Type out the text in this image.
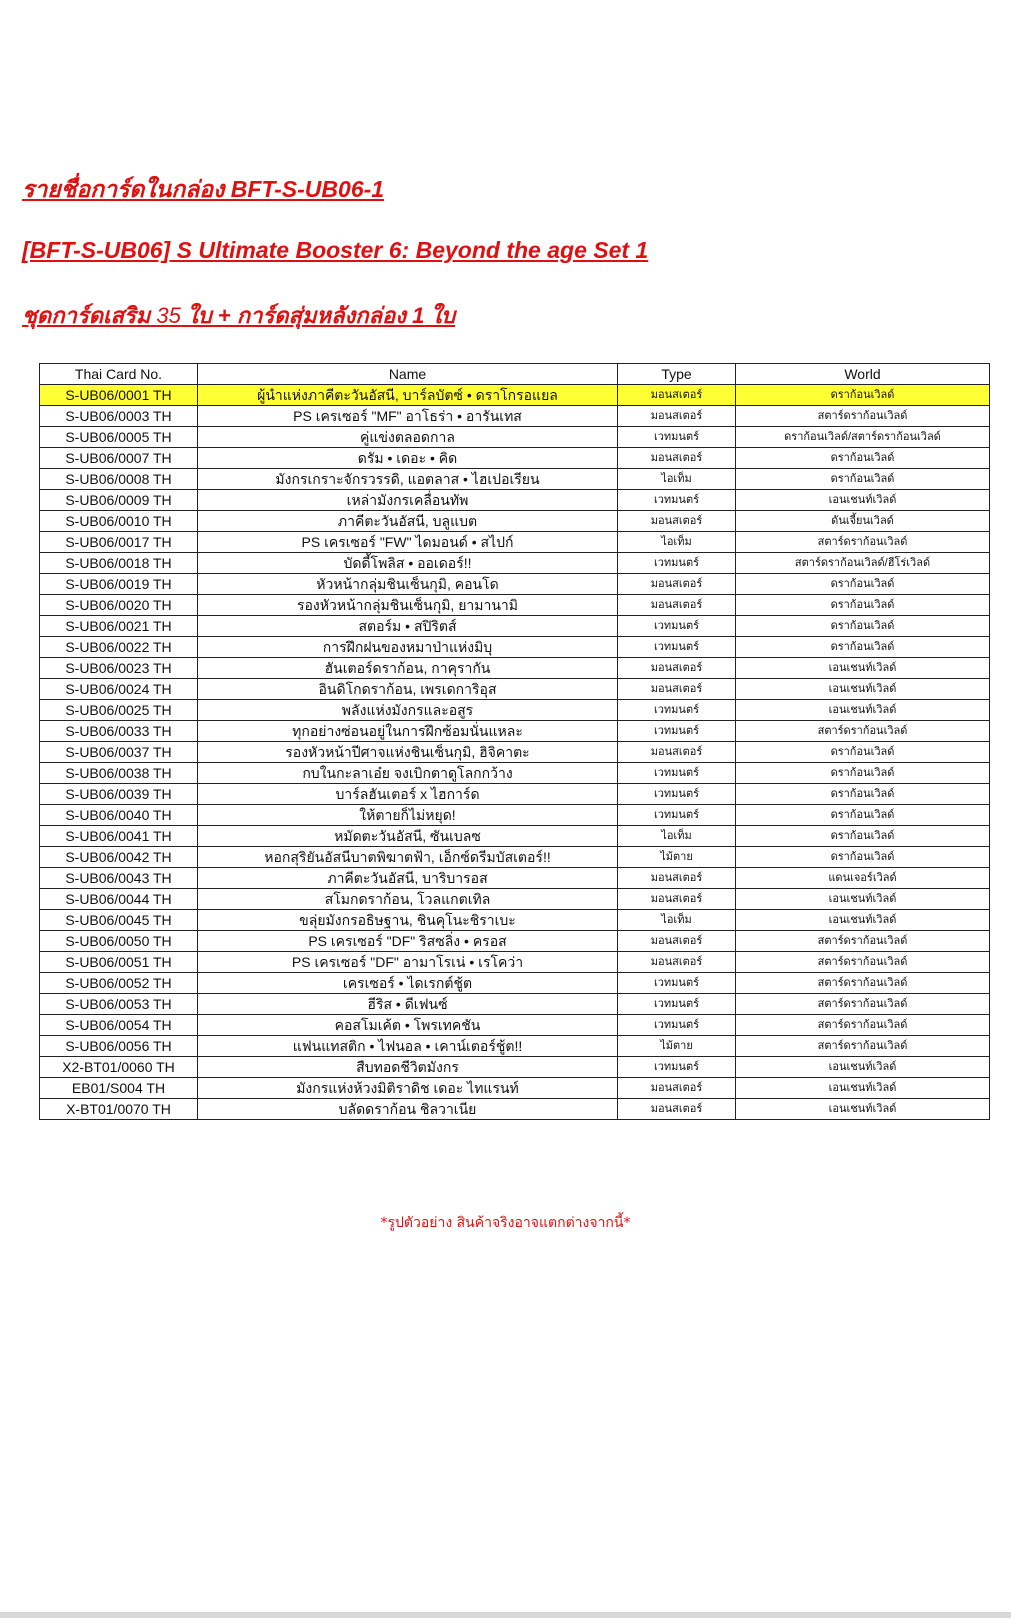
รายชื่อการ์ดในกล่อง BFT-S-UB06-1
[BFT-S-UB06] S Ultimate Booster 6: Beyond the age Set 1
ชุดการ์ดเสริม 35 ใบ + การ์ดสุ่มหลังกล่อง 1 ใบ
Thai Card No.	Name	Type	World
S-UB06/0001 TH	ผู้นำแห่งภาคีตะวันอัสนี, บาร์ลบัตซ์ • ดราโกรอแยล	มอนสเตอร์	ดราก้อนเวิลด์
S-UB06/0003 TH	PS เครเซอร์ "MF" อาโธร่า • อารันเทส	มอนสเตอร์	สตาร์ดราก้อนเวิลด์
S-UB06/0005 TH	คู่แข่งตลอดกาล	เวทมนตร์	ดราก้อนเวิลด์/สตาร์ดราก้อนเวิลด์
S-UB06/0007 TH	ดรัม • เดอะ • คิด	มอนสเตอร์	ดราก้อนเวิลด์
S-UB06/0008 TH	มังกรเกราะจักรวรรดิ, แอตลาส • ไฮเปอเรียน	ไอเท็ม	ดราก้อนเวิลด์
S-UB06/0009 TH	เหล่ามังกรเคลื่อนทัพ	เวทมนตร์	เอนเชนท์เวิลด์
S-UB06/0010 TH	ภาคีตะวันอัสนี, บลูแบต	มอนสเตอร์	ดันเจี้ยนเวิลด์
S-UB06/0017 TH	PS เครเซอร์ "FW" ไดมอนด์ • สไปก์	ไอเท็ม	สตาร์ดราก้อนเวิลด์
S-UB06/0018 TH	บัดดี้โพลิส • ออเดอร์!!	เวทมนตร์	สตาร์ดราก้อนเวิลด์/ฮีโร่เวิลด์
S-UB06/0019 TH	หัวหน้ากลุ่มชินเซ็นกุมิ, คอนโด	มอนสเตอร์	ดราก้อนเวิลด์
S-UB06/0020 TH	รองหัวหน้ากลุ่มชินเซ็นกุมิ, ยามานามิ	มอนสเตอร์	ดราก้อนเวิลด์
S-UB06/0021 TH	สตอร์ม • สปิริตส์	เวทมนตร์	ดราก้อนเวิลด์
S-UB06/0022 TH	การฝึกฝนของหมาป่าแห่งมิบุ	เวทมนตร์	ดราก้อนเวิลด์
S-UB06/0023 TH	ฮันเตอร์ดราก้อน, กาคุรากัน	มอนสเตอร์	เอนเชนท์เวิลด์
S-UB06/0024 TH	อินดิโกดราก้อน, เพรเดการิอุส	มอนสเตอร์	เอนเชนท์เวิลด์
S-UB06/0025 TH	พลังแห่งมังกรและอสูร	เวทมนตร์	เอนเชนท์เวิลด์
S-UB06/0033 TH	ทุกอย่างซ่อนอยู่ในการฝึกซ้อมนั่นแหละ	เวทมนตร์	สตาร์ดราก้อนเวิลด์
S-UB06/0037 TH	รองหัวหน้าปีศาจแห่งชินเซ็นกุมิ, ฮิจิคาตะ	มอนสเตอร์	ดราก้อนเวิลด์
S-UB06/0038 TH	กบในกะลาเอ๋ย จงเบิกตาดูโลกกว้าง	เวทมนตร์	ดราก้อนเวิลด์
S-UB06/0039 TH	บาร์ลฮันเตอร์ x ไฮการ์ด	เวทมนตร์	ดราก้อนเวิลด์
S-UB06/0040 TH	ให้ตายก็ไม่หยุด!	เวทมนตร์	ดราก้อนเวิลด์
S-UB06/0041 TH	หมัดตะวันอัสนี, ซันเบลซ	ไอเท็ม	ดราก้อนเวิลด์
S-UB06/0042 TH	หอกสุริยันอัสนีบาตพิฆาตฟ้า, เอ็กซ์ดรีมบัสเตอร์!!	ไม้ตาย	ดราก้อนเวิลด์
S-UB06/0043 TH	ภาคีตะวันอัสนี, บาริบารอส	มอนสเตอร์	แดนเจอร์เวิลด์
S-UB06/0044 TH	สโมกดราก้อน, โวลแกตเทิล	มอนสเตอร์	เอนเชนท์เวิลด์
S-UB06/0045 TH	ขลุ่ยมังกรอธิษฐาน, ชินคุโนะชิราเบะ	ไอเท็ม	เอนเชนท์เวิลด์
S-UB06/0050 TH	PS เครเซอร์ "DF" ริสซลิ่ง • ครอส	มอนสเตอร์	สตาร์ดราก้อนเวิลด์
S-UB06/0051 TH	PS เครเซอร์ "DF" อามาโรเน่ • เรโคว่า	มอนสเตอร์	สตาร์ดราก้อนเวิลด์
S-UB06/0052 TH	เครเซอร์ • ไดเรกต์ชู้ต	เวทมนตร์	สตาร์ดราก้อนเวิลด์
S-UB06/0053 TH	ฮีริส • ดีเฟนซ์	เวทมนตร์	สตาร์ดราก้อนเวิลด์
S-UB06/0054 TH	คอสโมเค้ต • โพรเทคชัน	เวทมนตร์	สตาร์ดราก้อนเวิลด์
S-UB06/0056 TH	แฟนแทสติก • ไฟนอล • เคาน์เตอร์ชู้ต!!	ไม้ตาย	สตาร์ดราก้อนเวิลด์
X2-BT01/0060 TH	สืบทอดชีวิตมังกร	เวทมนตร์	เอนเชนท์เวิลด์
EB01/S004 TH	มังกรแห่งห้วงมิติราดิช เดอะ ไทแรนท์	มอนสเตอร์	เอนเชนท์เวิลด์
X-BT01/0070 TH	บลัดดราก้อน ชิลวาเนีย	มอนสเตอร์	เอนเชนท์เวิลด์
*รูปตัวอย่าง สินค้าจริงอาจแตกต่างจากนี้*
